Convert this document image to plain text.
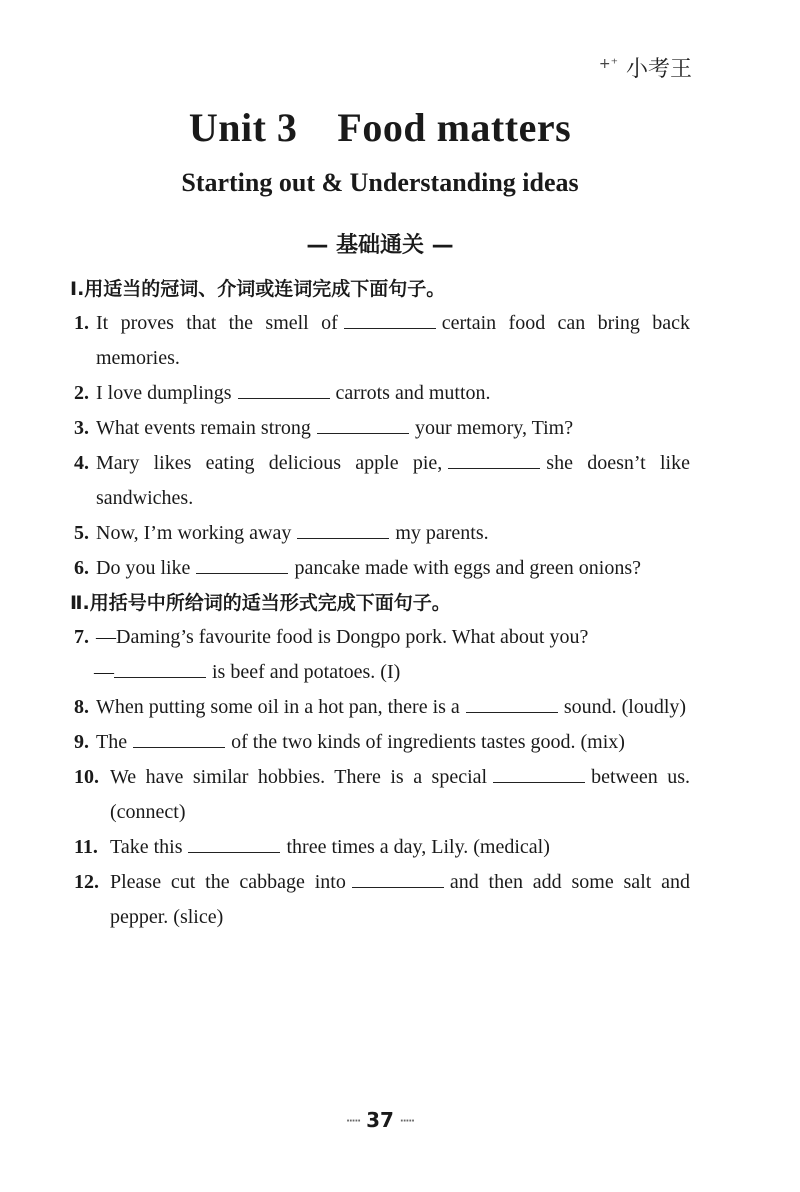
+⁺ 小考王
Unit 3 Food matters
Starting out & Understanding ideas
— 基础通关 —
Ⅰ.用适当的冠词、介词或连词完成下面句子。
1. It proves that the smell of	certain food can bring back memories.
2. I love dumplings	carrots and mutton.
3. What events remain strong	your memory, Tim?
4. Mary likes eating delicious apple pie,	she doesn’t like sandwiches.
5. Now, I’m working away	my parents.
6. Do you like	pancake made with eggs and green onions?
Ⅱ.用括号中所给词的适当形式完成下面句子。
7. —Daming’s favourite food is Dongpo pork. What about you?
—	is beef and potatoes. (I)
8. When putting some oil in a hot pan, there is a	sound. (loudly)
9. The	of the two kinds of ingredients tastes good. (mix)
10. We have similar hobbies. There is a special	between us. (connect)
11. Take this	three times a day, Lily. (medical)
12. Please cut the cabbage into	and then add some salt and pepper. (slice)
∙∙∙∙∙ 37 ∙∙∙∙∙
